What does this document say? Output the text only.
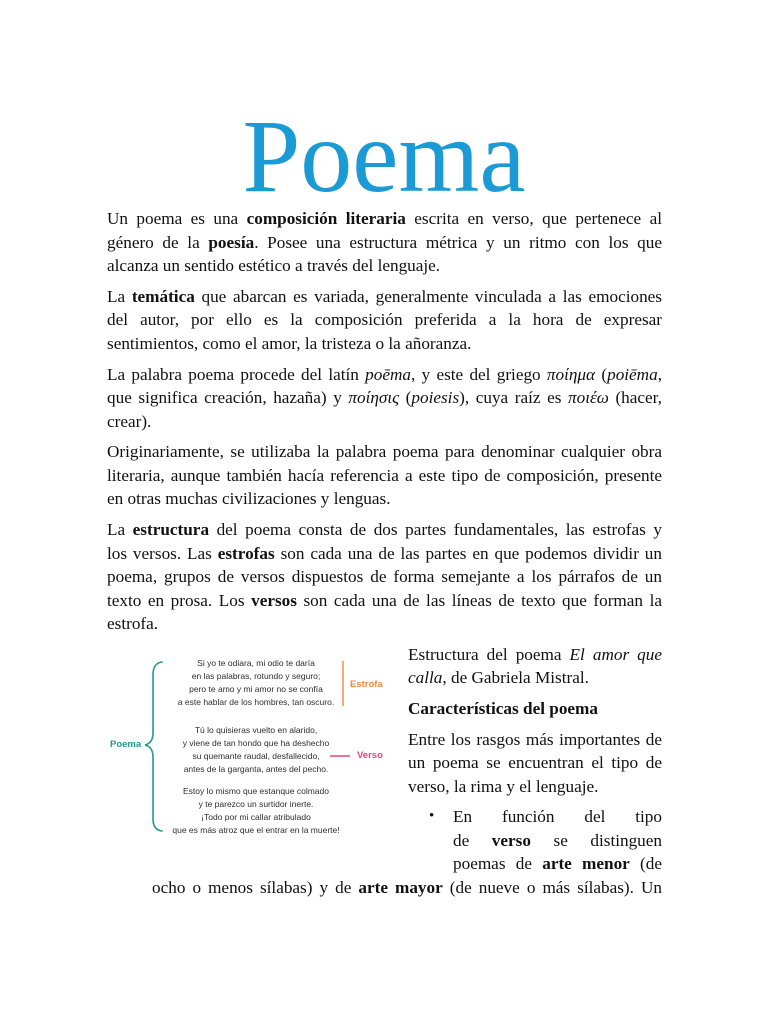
Poema
Un poema es una composición literaria escrita en verso, que pertenece al
género de la poesía. Posee una estructura métrica y un ritmo con los que
alcanza un sentido estético a través del lenguaje.
La temática que abarcan es variada, generalmente vinculada a las emociones
del autor, por ello es la composición preferida a la hora de expresar
sentimientos, como el amor, la tristeza o la añoranza.
La palabra poema procede del latín poēma, y este del griego ποίημα (poiēma,
que significa creación, hazaña) y ποίησις (poiesis), cuya raíz es ποιέω (hacer,
crear).
Originariamente, se utilizaba la palabra poema para denominar cualquier obra
literaria, aunque también hacía referencia a este tipo de composición, presente
en otras muchas civilizaciones y lenguas.
La estructura del poema consta de dos partes fundamentales, las estrofas y
los versos. Las estrofas son cada una de las partes en que podemos dividir un
poema, grupos de versos dispuestos de forma semejante a los párrafos de un
texto en prosa. Los versos son cada una de las líneas de texto que forman la
estrofa.
Poema
Si yo te odiara, mi odio te daría
en las palabras, rotundo y seguro;
pero te amo y mi amor no se confía
a este hablar de los hombres, tan oscuro.
Tú lo quisieras vuelto en alarido,
y viene de tan hondo que ha deshecho
su quemante raudal, desfallecido,
antes de la garganta, antes del pecho.
Estoy lo mismo que estanque colmado
y te parezco un surtidor inerte.
¡Todo por mi callar atribulado
que es más atroz que el entrar en la muerte!
Estrofa
Verso
Estructura del poema El amor que
calla, de Gabriela Mistral.
Características del poema
Entre los rasgos más importantes de
un poema se encuentran el tipo de
verso, la rima y el lenguaje.
• En función del tipo
de verso se distinguen
poemas de arte menor (de
ocho o menos sílabas) y de arte mayor (de nueve o más sílabas). Un
